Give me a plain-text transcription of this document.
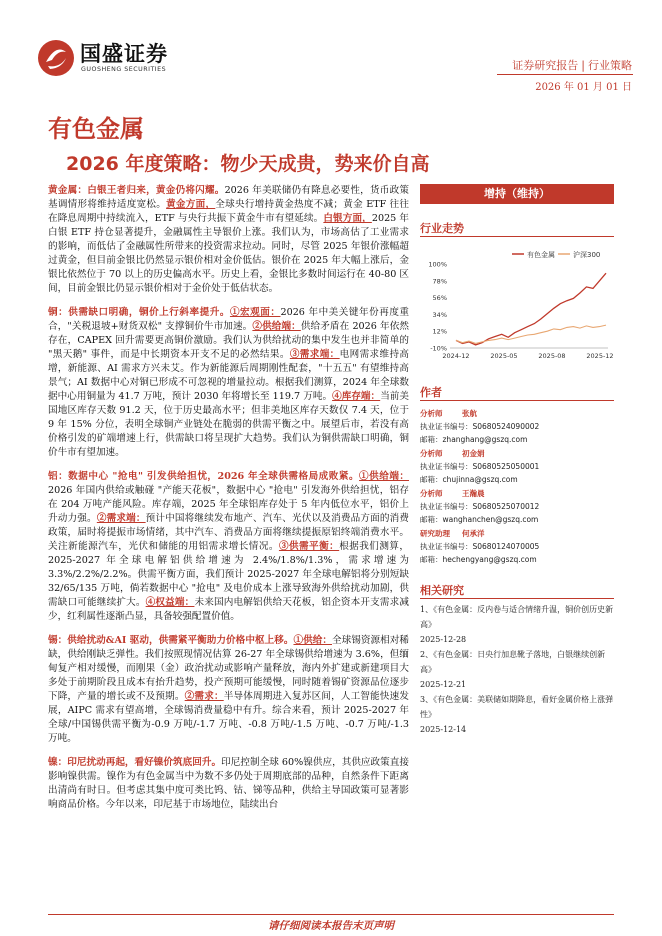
国盛证券
GUOSHENG SECURITIES	证券研究报告 | 行业策略
2026 年 01 月 01 日
有色金属
2026 年度策略：物少天成贵，势来价自高

黄金属：白银王者归来，黄金仍将闪耀。2026 年美联储仍有降息必要性，货币政策基调情形将维持适度宽松。黄金方面，全球央行增持黄金热度不减；黄金 ETF 往往在降息周期中持续流入，ETF 与央行共振下黄金牛市有望延续。白银方面，2025 年白银 ETF 持仓显著提升，金融属性主导银价上涨。我们认为，市场高估了工业需求的影响，而低估了金融属性所带来的投资需求拉动。同时，尽管 2025 年银价涨幅超过黄金，但目前金银比仍然显示银价相对金价低估。银价在 2025 年大幅上涨后，金银比依然位于 70 以上的历史偏高水平。历史上看，金银比多数时间运行在 40-80 区间，目前金银比仍显示银价相对于金价处于低估状态。

铜：供需缺口明确，铜价上行斜率提升。①宏观面：2026 年中美关键年份再度重合，"关税退坡+财货双松" 支撑铜价牛市加速。②供给端：供给矛盾在 2026 年依然存在，CAPEX 回升需要更高铜价激励。我们认为供给扰动的集中发生也并非简单的 "黑天鹅" 事件，而是中长期资本开支不足的必然结果。③需求端：电网需求维持高增，新能源、AI 需求方兴未艾。作为新能源后周期刚性配套，"十五五" 有望维持高景气；AI 数据中心对铜已形成不可忽视的增量拉动。根据我们测算，2024 年全球数据中心用铜量为 41.7 万吨，预计 2030 年将增长至 119.7 万吨。④库存端：当前美国地区库存天数 91.2 天，位于历史最高水平；但非美地区库存天数仅 7.4 天，位于 9 年 15% 分位，表明全球铜产业链处在脆弱的供需平衡之中。展望后市，若没有高价格引发的矿端增速上行，供需缺口将呈现扩大趋势。我们认为铜供需缺口明确，铜价牛市有望加速。

铝：数据中心 "抢电" 引发供给担忧，2026 年全球供需格局成败紧。①供给端：2026 年国内供给或触碰 "产能天花板"，数据中心 "抢电" 引发海外供给担忧，铝存在 204 万吨产能风险。库存端，2025 年全球铝库存处于 5 年内低位水平，铝价上升动力强。②需求端：预计中国将继续发布地产、汽车、光伏以及消费品方面的消费政策，届时将提振市场情绪，其中汽车、消费品方面将继续提振原铝终端消费水平。关注新能源汽车，光伏和储能的用铝需求增长情况。③供需平衡：根据我们测算，2025-2027 年全球电解铝供给增速为 2.4%/1.8%/1.3%，需求增速为 3.3%/2.2%/2.2%。供需平衡方面，我们预计 2025-2027 年全球电解铝将分别短缺 32/65/135 万吨，倘若数据中心 "抢电" 及电价成本上涨导致海外供给扰动加剧，供需缺口可能继续扩大。④权益端：未来国内电解铝供给天花板，铝企资本开支需求减少，红利属性逐渐凸显，具备较强配置价值。

锡：供给扰动&AI 驱动，供需紧平衡助力价格中枢上移。①供给：全球锡资源相对稀缺，供给刚缺乏弹性。我们按照现情况估算 26-27 年全球锡供给增速为 3.6%，但缅甸复产相对缓慢，而刚果（金）政治扰动或影响产量释放，海内外扩建或新建项目大多处于前期阶段且成本有抬升趋势，投产预期可能缓慢，同时随着锡矿资源品位逐步下降，产量的增长或不及预期。②需求：半导体周期进入复苏区间，人工智能快速发展，AIPC 需求有望高增，全球锡消费量稳中有升。综合来看，预计 2025-2027 年全球/中国锡供需平衡为-0.9 万吨/-1.7 万吨、-0.8 万吨/-1.5 万吨、-0.7 万吨/-1.3 万吨。

镍：印尼扰动再起，看好镍价筑底回升。印尼控制全球 60%镍供应，其供应政策直接影响镍供需。镍作为有色金属当中为数不多仍处于周期底部的品种，自然条件下距离出清尚有时日。但考虑其集中度可类比钨、钴、锑等品种，供给主导国政策可显著影响商品价格。今年以来，印尼基于市场地位，陆续出台

增持（维持）
行业走势
100%
78%
56%
34%
12%
-10%
2024-12	2025-05	2025-08	2025-12
有色金属	沪深300
作者
分析师	张航
执业证书编号：S0680524090002
邮箱：zhanghang@gszq.com
分析师	初金娟
执业证书编号：S0680525050001
邮箱：chujinna@gszq.com
分析师	王瀚晨
执业证书编号：S0680525070012
邮箱：wanghanchen@gszq.com
研究助理 何承洋
执业证书编号：S0680124070005
邮箱：hechengyang@gszq.com
相关研究
1、《有色金属：反内卷与适合情绪升温，铜价创历史新高》
2025-12-28
2、《有色金属：日央行加息靴子落地，白银继续创新高》
2025-12-21
3、《有色金属：美联储如期降息，看好金属价格上涨弹性》
2025-12-14
请仔细阅读本报告末页声明
